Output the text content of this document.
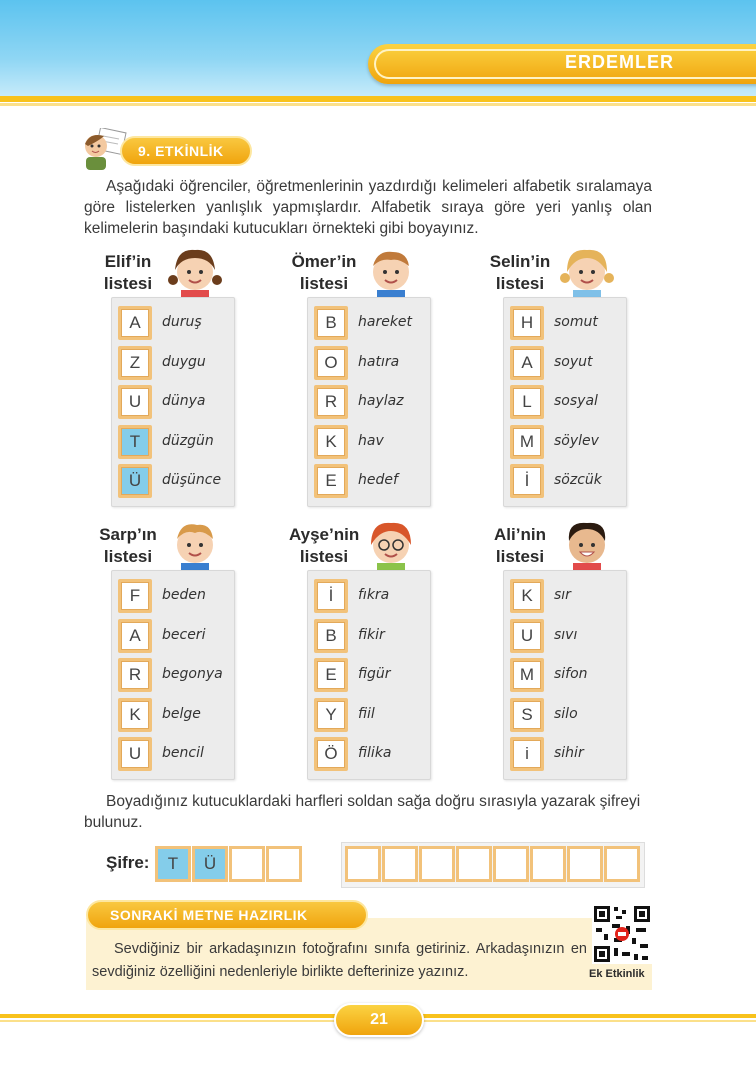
ERDEMLER
9. ETKİNLİK
Aşağıdaki öğrenciler, öğretmenlerinin yazdırdığı kelimeleri alfabetik sıralamaya göre listelerken yanlışlık yapmışlardır. Alfabetik sıraya göre yeri yanlış olan kelimelerin başındaki kutucukları örnekteki gibi boyayınız.
Elif’in
listesi
A	duruş
Z	duygu
U	dünya
T	düzgün
Ü	düşünce
Ömer’in
listesi
B	hareket
O	hatıra
R	haylaz
K	hav
E	hedef
Selin’in
listesi
H	somut
A	soyut
L	sosyal
M	söylev
İ	sözcük
Sarp’ın
listesi
F	beden
A	beceri
R	begonya
K	belge
U	bencil
Ayşe’nin
listesi
İ	fıkra
B	fikir
E	figür
Y	fiil
Ö	filika
Ali’nin
listesi
K	sır
U	sıvı
M	sifon
S	silo
i	sihir
Boyadığınız kutucuklardaki harfleri soldan sağa doğru sırasıyla yazarak şifreyi bulunuz.
Şifre:	T	Ü
SONRAKİ METNE HAZIRLIK
Sevdiğiniz bir arkadaşınızın fotoğrafını sınıfa getiriniz. Arkadaşınızın en sevdiğiniz özelliğini nedenleriyle birlikte defterinize yazınız.	Ek Etkinlik
21
